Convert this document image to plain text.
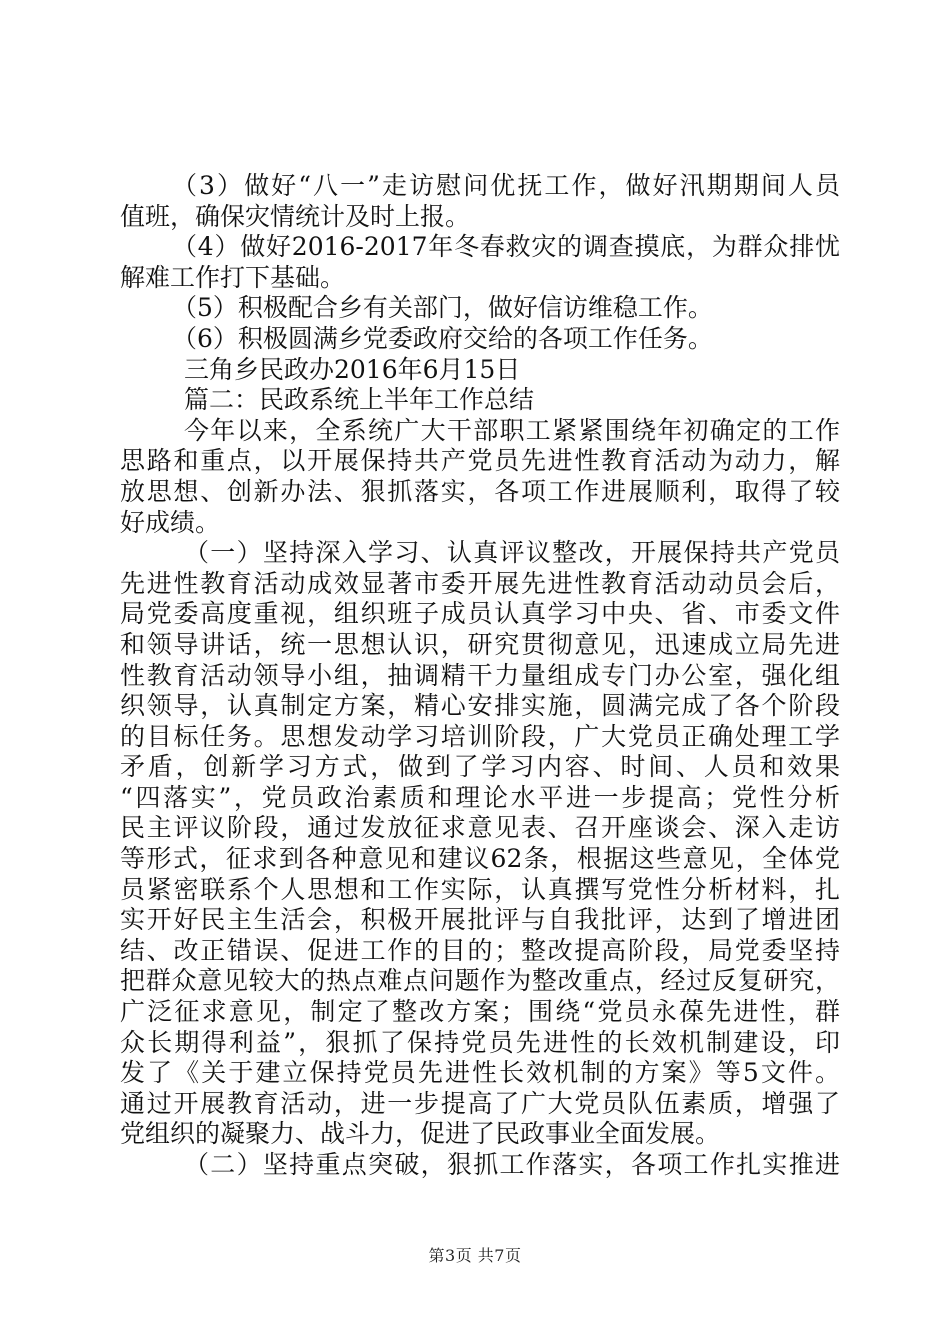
（3）做好“八一”走访慰问优抚工作，做好汛期期间人员
值班，确保灾情统计及时上报。
（4）做好2016-2017年冬春救灾的调查摸底，为群众排忧
解难工作打下基础。
（5）积极配合乡有关部门，做好信访维稳工作。
（6）积极圆满乡党委政府交给的各项工作任务。
三角乡民政办2016年6月15日
篇二：民政系统上半年工作总结
今年以来，全系统广大干部职工紧紧围绕年初确定的工作
思路和重点，以开展保持共产党员先进性教育活动为动力，解
放思想、创新办法、狠抓落实，各项工作进展顺利，取得了较
好成绩。
（一）坚持深入学习、认真评议整改，开展保持共产党员
先进性教育活动成效显著市委开展先进性教育活动动员会后，
局党委高度重视，组织班子成员认真学习中央、省、市委文件
和领导讲话，统一思想认识，研究贯彻意见，迅速成立局先进
性教育活动领导小组，抽调精干力量组成专门办公室，强化组
织领导，认真制定方案，精心安排实施，圆满完成了各个阶段
的目标任务。思想发动学习培训阶段，广大党员正确处理工学
矛盾，创新学习方式，做到了学习内容、时间、人员和效果
“四落实”，党员政治素质和理论水平进一步提高；党性分析
民主评议阶段，通过发放征求意见表、召开座谈会、深入走访
等形式，征求到各种意见和建议62条，根据这些意见，全体党
员紧密联系个人思想和工作实际，认真撰写党性分析材料，扎
实开好民主生活会，积极开展批评与自我批评，达到了增进团
结、改正错误、促进工作的目的；整改提高阶段，局党委坚持
把群众意见较大的热点难点问题作为整改重点，经过反复研究，
广泛征求意见，制定了整改方案；围绕“党员永葆先进性，群
众长期得利益”，狠抓了保持党员先进性的长效机制建设，印
发了《关于建立保持党员先进性长效机制的方案》等5文件。
通过开展教育活动，进一步提高了广大党员队伍素质，增强了
党组织的凝聚力、战斗力，促进了民政事业全面发展。
（二）坚持重点突破，狠抓工作落实，各项工作扎实推进
第3页 共7页
